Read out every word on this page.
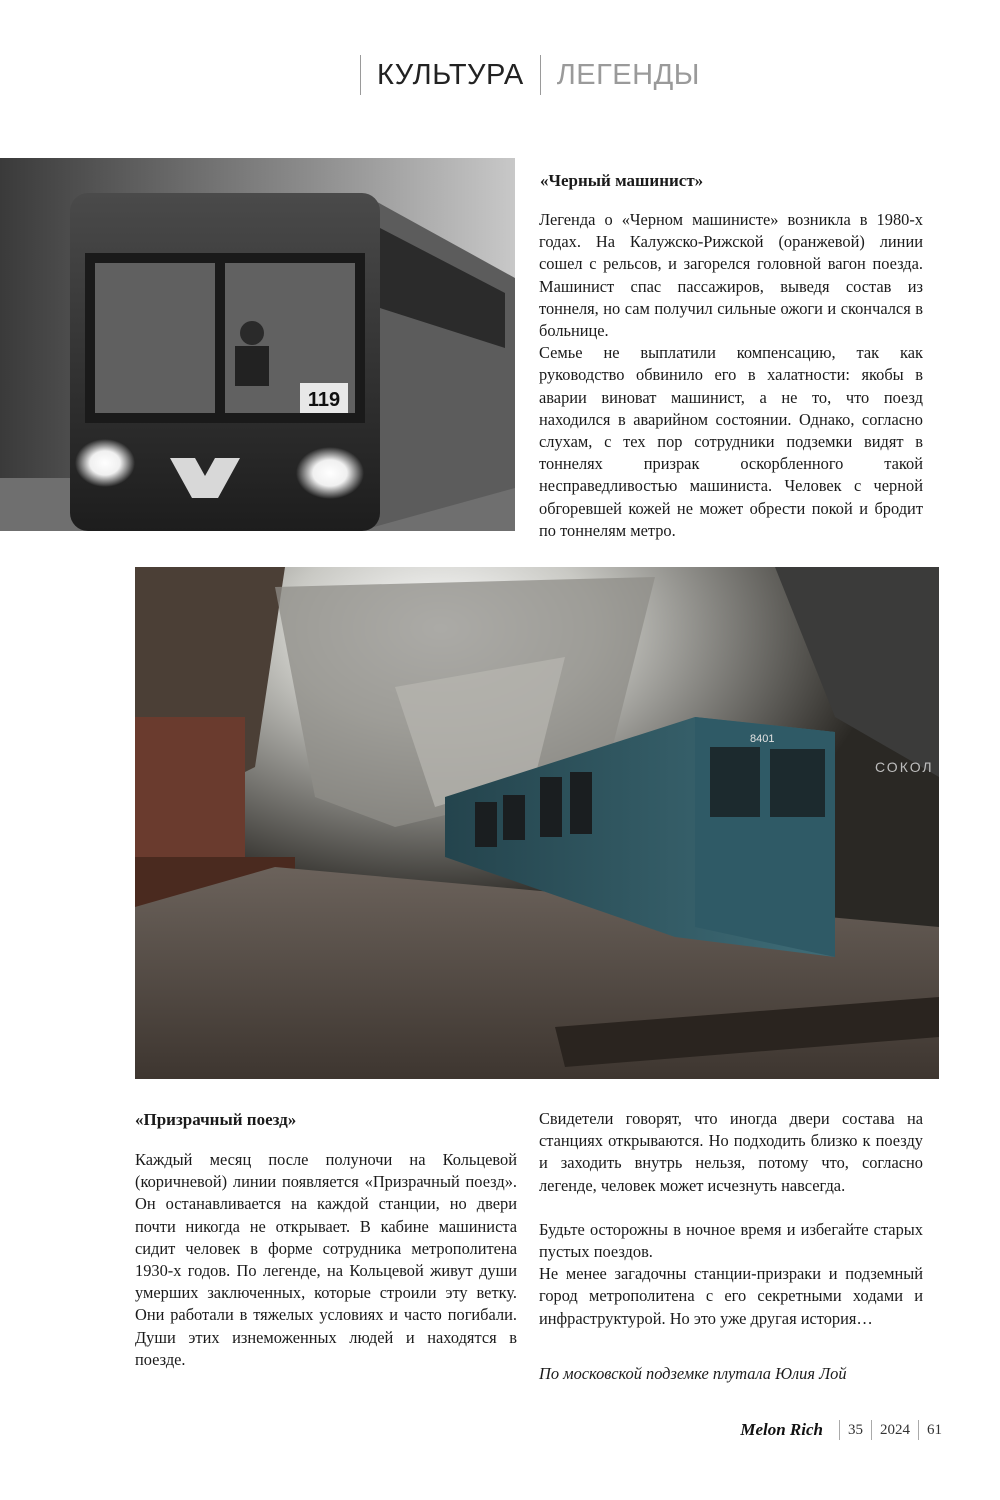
КУЛЬТУРА	ЛЕГЕНДЫ
119
«Черный машинист»

Легенда о «Черном машинисте» возникла в 1980-х годах. На Калужско-Рижской (оранжевой) линии сошел с рельсов, и загорелся головной вагон поезда. Машинист спас пассажиров, выведя состав из тоннеля, но сам получил сильные ожоги и скончался в больнице.

Семье не выплатили компенсацию, так как руководство обвинило его в халатности: якобы в аварии виноват машинист, а не то, что поезд находился в аварийном состоянии. Однако, согласно слухам, с тех пор сотрудники подземки видят в тоннелях призрак оскорбленного такой несправедливостью машиниста. Человек с черной обгоревшей кожей не может обрести покой и бродит по тоннелям метро.

8401
СОКОЛ
«Призрачный поезд»

Каждый месяц после полуночи на Кольцевой (коричневой) линии появляется «Призрачный поезд». Он останавливается на каждой станции, но двери почти никогда не открывает. В кабине машиниста сидит человек в форме сотрудника метрополитена 1930-х годов. По легенде, на Кольцевой живут души умерших заключенных, которые строили эту ветку. Они работали в тяжелых условиях и часто погибали. Души этих изнеможенных людей и находятся в поезде.

Свидетели говорят, что иногда двери состава на станциях открываются. Но подходить близко к поезду и заходить внутрь нельзя, потому что, согласно легенде, человек может исчезнуть навсегда.

Будьте осторожны в ночное время и избегайте старых пустых поездов.

Не менее загадочны станции-призраки и подземный город метрополитена с его секретными ходами и инфраструктурой. Но это уже другая история…

По московской подземке плутала Юлия Лой
Melon Rich	35 2024 61
